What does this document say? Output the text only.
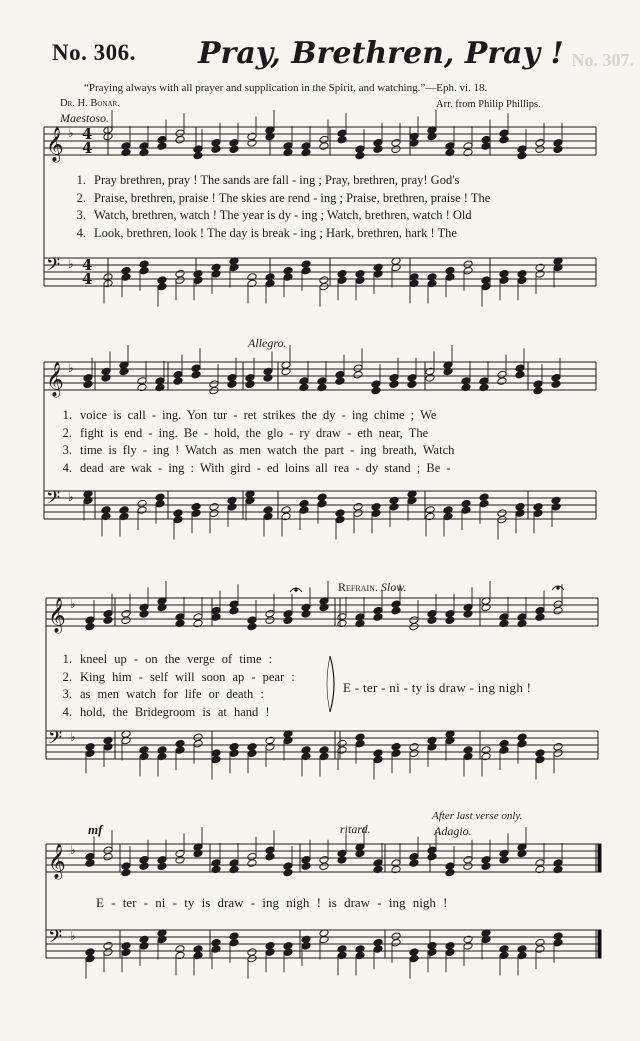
No. 306. Pray, Brethren, Pray ! No. 307.
“Praying always with all prayer and supplication in the Spirit, and watching.”—Eph. vi. 18.
Dr. H. Bonar.	Arr. from Philip Phillips.
Maestoso.
Allegro.
Refrain. Slow.
mf	ritard.
After last verse only.
Adagio.
1. Pray brethren, pray ! The sands are fall - ing ; Pray, brethren, pray! God's
2. Praise, brethren, praise ! The skies are rend - ing ; Praise, brethren, praise ! The
3. Watch, brethren, watch ! The year is dy - ing ; Watch, brethren, watch ! Old
4. Look, brethren, look ! The day is break - ing ; Hark, brethren, hark ! The
1. voice is call - ing. Yon tur - ret strikes the dy - ing chime ; We
2. fight is end - ing. Be - hold, the glo - ry draw - eth near, The
3. time is fly - ing ! Watch as men watch the part - ing breath, Watch
4. dead are wak - ing : With gird - ed loins all rea - dy stand ; Be -
1. kneel up - on the verge of time :
2. King him - self will soon ap - pear :
3. as men watch for life or death :
4. hold, the Bridegroom is at hand !
E - ter - ni - ty is draw - ing nigh !
E - ter - ni - ty is draw - ing nigh ! is draw - ing nigh !
𝄞 ♭
𝄢 ♭
4
4
4
4
𝄞 ♭
𝄢 ♭
𝄞 ♭
𝄢 ♭
𝄞 ♭
𝄢 ♭
